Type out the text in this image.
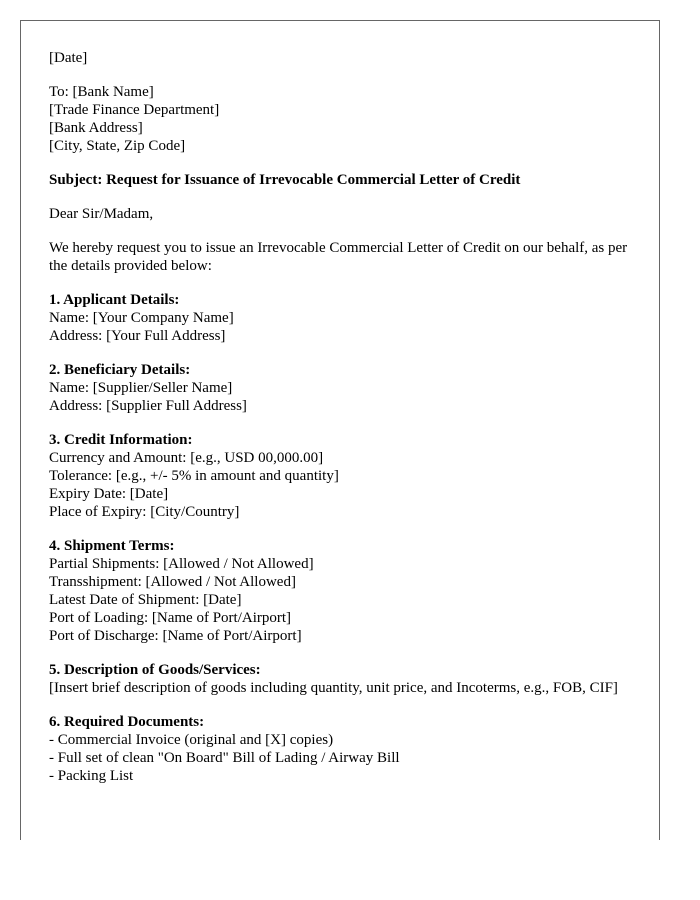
[Date]
To: [Bank Name]
[Trade Finance Department]
[Bank Address]
[City, State, Zip Code]
Subject: Request for Issuance of Irrevocable Commercial Letter of Credit
Dear Sir/Madam,
We hereby request you to issue an Irrevocable Commercial Letter of Credit on our behalf, as per the details provided below:
1. Applicant Details:
Name: [Your Company Name]
Address: [Your Full Address]
2. Beneficiary Details:
Name: [Supplier/Seller Name]
Address: [Supplier Full Address]
3. Credit Information:
Currency and Amount: [e.g., USD 00,000.00]
Tolerance: [e.g., +/- 5% in amount and quantity]
Expiry Date: [Date]
Place of Expiry: [City/Country]
4. Shipment Terms:
Partial Shipments: [Allowed / Not Allowed]
Transshipment: [Allowed / Not Allowed]
Latest Date of Shipment: [Date]
Port of Loading: [Name of Port/Airport]
Port of Discharge: [Name of Port/Airport]
5. Description of Goods/Services:
[Insert brief description of goods including quantity, unit price, and Incoterms, e.g., FOB, CIF]
6. Required Documents:
- Commercial Invoice (original and [X] copies)
- Full set of clean "On Board" Bill of Lading / Airway Bill
- Packing List
